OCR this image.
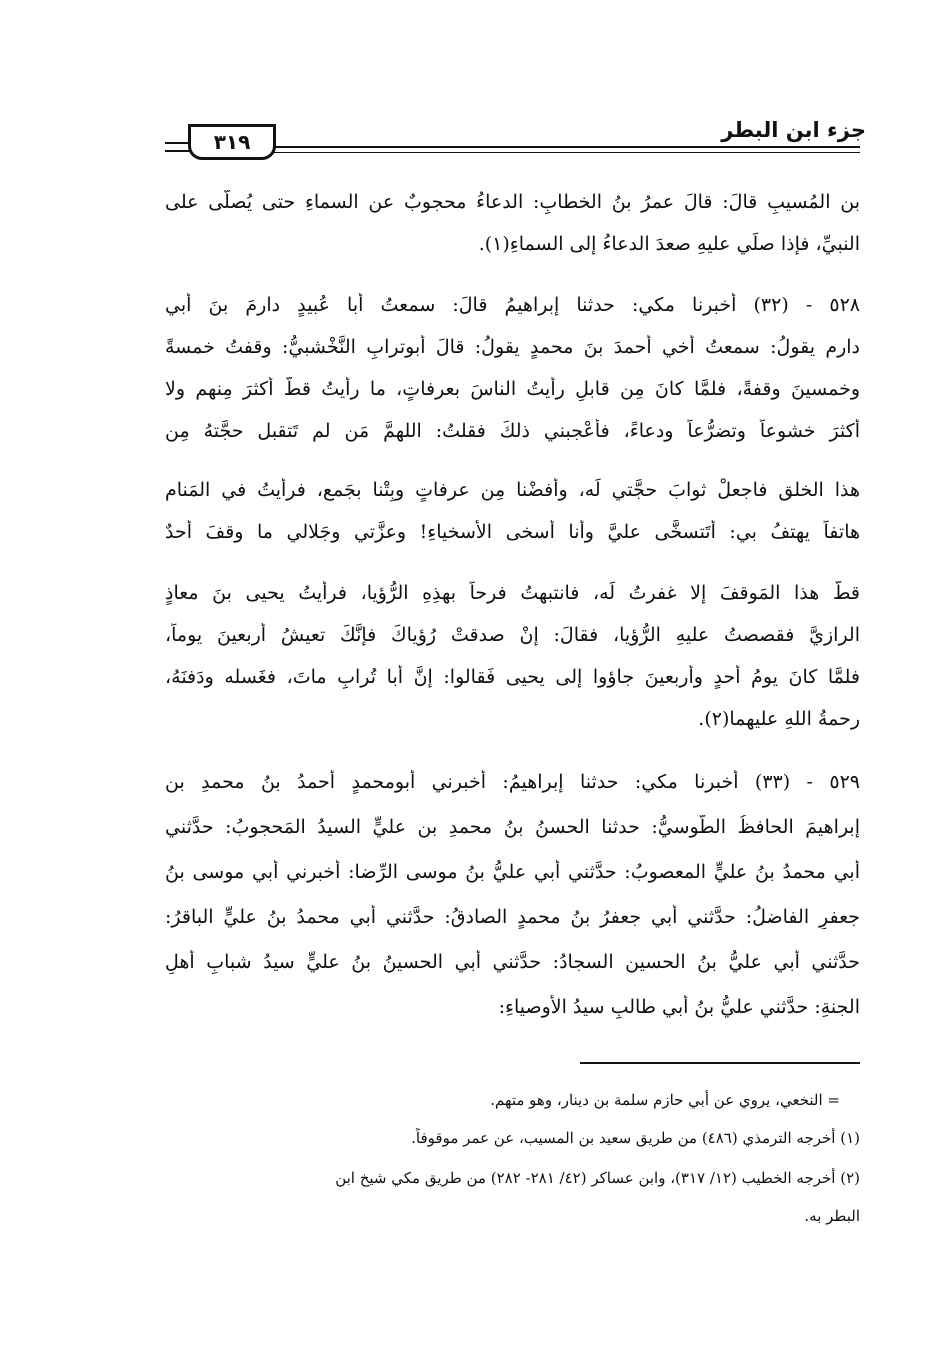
جزء ابن البطر
٣١٩
بنِ المُسيبِ قالَ: قالَ عمرُ بنُ الخطابِ: الدعاءُ محجوبٌ عن السماءِ حتى يُصلّى على
النبيِّ، فإذا صلِّي عليهِ صعدَ الدعاءُ إلى السماءِ(١).
٥٢٨ - (٣٢) أخبرنا مكي: حدثنا إبراهيمُ قالَ: سمعتُ أبا عُبيدٍ دارمَ بنَ أبي
دارمٍ يقولُ: سمعتُ أخي أحمدَ بنَ محمدٍ يقولُ: قالَ أبوترابِ النَّخْشبيُّ: وقفتُ خمسةً
وخمسينَ وقفةً، فلمَّا كانَ مِن قابلٍ رأيتُ الناسَ بعرفاتٍ، ما رأيتُ قطُّ أكثرَ مِنهم ولا
أكثرَ خشوعاً وتضرُّعاً ودعاءً، فأعْجبني ذلكَ فقلتُ: اللهمَّ مَن لم تَتقبل حجَّتهُ مِن
هذا الخلقِ فاجعلْ ثوابَ حجَّتي لَه، وأَفضْنا مِن عرفاتٍ وبِتْنا بجَمعٍ، فرأيتُ في المَنامِ
هاتفاً يهتفُ بي: أتَتسخَّى عليَّ وأَنا أَسخى الأسخياءِ! وعزَّتي وجَلالي ما وقفَ أحدٌ
قطُّ هذا المَوقفَ إلا غفرتُ لَه، فانتبهتُ فرحاً بهذِهِ الرُّؤيا، فرأيتُ يحيى بنَ معاذٍ
الرازيَّ فقصصتُ عليهِ الرُّؤيا، فقالَ: إنْ صدقتْ رُؤياكَ فإنَّكَ تعيشُ أربعينَ يوماً،
فلمَّا كانَ يومُ أحدٍ وأربعينَ جاؤوا إلى يحيى فَقالوا: إنَّ أبا تُرابٍ ماتَ، فغَسله ودَفنَهُ،
رحمةُ اللهِ عليهما(٢).
٥٢٩ - (٣٣) أخبرنا مكي: حدثنا إبراهيمُ: أخبرني أبومحمدٍ أحمدُ بنُ محمدِ بنِ
إبراهيمَ الحافظُ الطُّوسيُّ: حدثنا الحسنُ بنُ محمدِ بنِ عليٍّ السيدُ المَحجوبُ: حدَّثني
أَبي محمدُ بنُ عليٍّ المعصوبُ: حدَّثني أَبي عليُّ بنُ موسى الرِّضا: أخبرني أَبي موسى بنُ
جعفرٍ الفاضلُ: حدَّثني أَبي جعفرُ بنُ محمدٍ الصادقُ: حدَّثني أَبي محمدُ بنُ عليٍّ الباقرُ:
حدَّثني أَبي عليُّ بنُ الحسينِ السجادُ: حدَّثني أَبي الحسينُ بنُ عليٍّ سيدُ شبابِ أهلِ
الجنةِ: حدَّثني عليُّ بنُ أبي طالبٍ سيدُ الأَوصياءِ:
= النخعي، يروي عن أبي حازم سلمة بن دينار، وهو متهم.
(١) أخرجه الترمذي (٤٨٦) من طريق سعيد بن المسيب، عن عمر موقوفاً.
(٢) أخرجه الخطيب (١٢/ ٣١٧)، وابن عساكر (٤٢/ ٢٨١- ٢٨٢) من طريق مكي شيخ ابن
البطر به.
